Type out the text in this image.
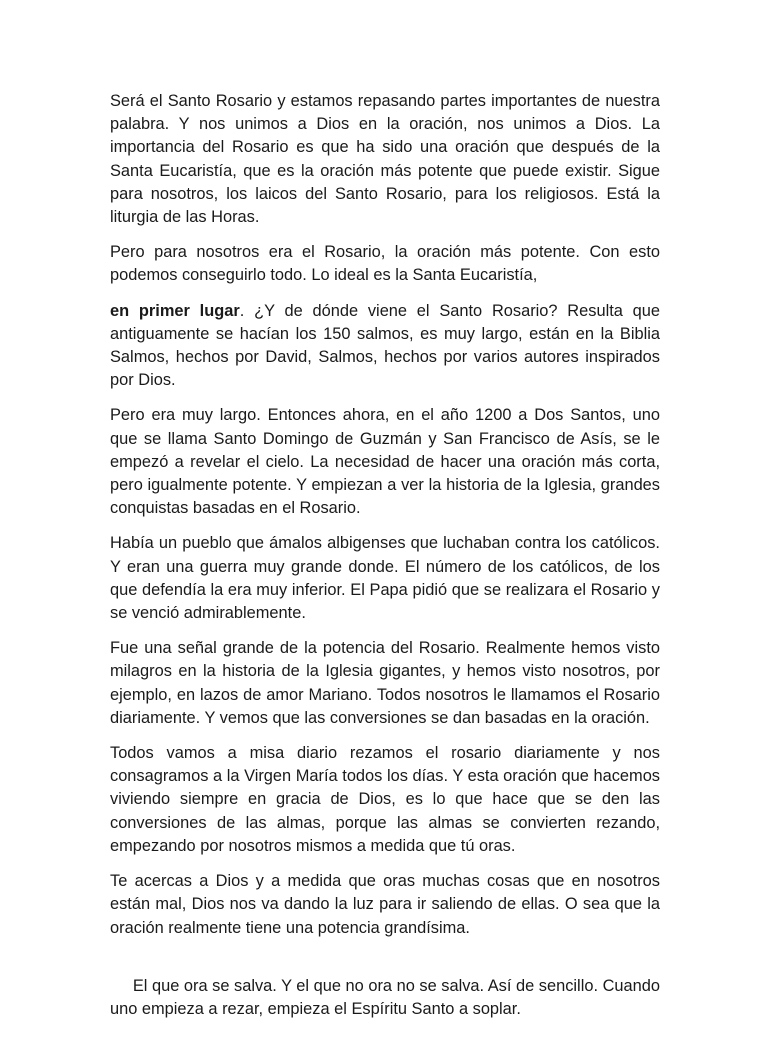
Será el Santo Rosario y estamos repasando partes importantes de nuestra palabra. Y nos unimos a Dios en la oración, nos unimos a Dios. La importancia del Rosario es que ha sido una oración que después de la Santa Eucaristía, que es la oración más potente que puede existir. Sigue para nosotros, los laicos del Santo Rosario, para los religiosos. Está la liturgia de las Horas.

Pero para nosotros era el Rosario, la oración más potente. Con esto podemos conseguirlo todo. Lo ideal es la Santa Eucaristía,

en primer lugar. ¿Y de dónde viene el Santo Rosario? Resulta que antiguamente se hacían los 150 salmos, es muy largo, están en la Biblia Salmos, hechos por David, Salmos, hechos por varios autores inspirados por Dios.

Pero era muy largo. Entonces ahora, en el año 1200 a Dos Santos, uno que se llama Santo Domingo de Guzmán y San Francisco de Asís, se le empezó a revelar el cielo. La necesidad de hacer una oración más corta, pero igualmente potente. Y empiezan a ver la historia de la Iglesia, grandes conquistas basadas en el Rosario.

Había un pueblo que ámalos albigenses que luchaban contra los católicos. Y eran una guerra muy grande donde. El número de los católicos, de los que defendía la era muy inferior. El Papa pidió que se realizara el Rosario y se venció admirablemente.

Fue una señal grande de la potencia del Rosario. Realmente hemos visto milagros en la historia de la Iglesia gigantes, y hemos visto nosotros, por ejemplo, en lazos de amor Mariano. Todos nosotros le llamamos el Rosario diariamente. Y vemos que las conversiones se dan basadas en la oración.

Todos vamos a misa diario rezamos el rosario diariamente y nos consagramos a la Virgen María todos los días. Y esta oración que hacemos viviendo siempre en gracia de Dios, es lo que hace que se den las conversiones de las almas, porque las almas se convierten rezando, empezando por nosotros mismos a medida que tú oras.

Te acercas a Dios y a medida que oras muchas cosas que en nosotros están mal, Dios nos va dando la luz para ir saliendo de ellas. O sea que la oración realmente tiene una potencia grandísima.

El que ora se salva. Y el que no ora no se salva. Así de sencillo. Cuando uno empieza a rezar, empieza el Espíritu Santo a soplar.
